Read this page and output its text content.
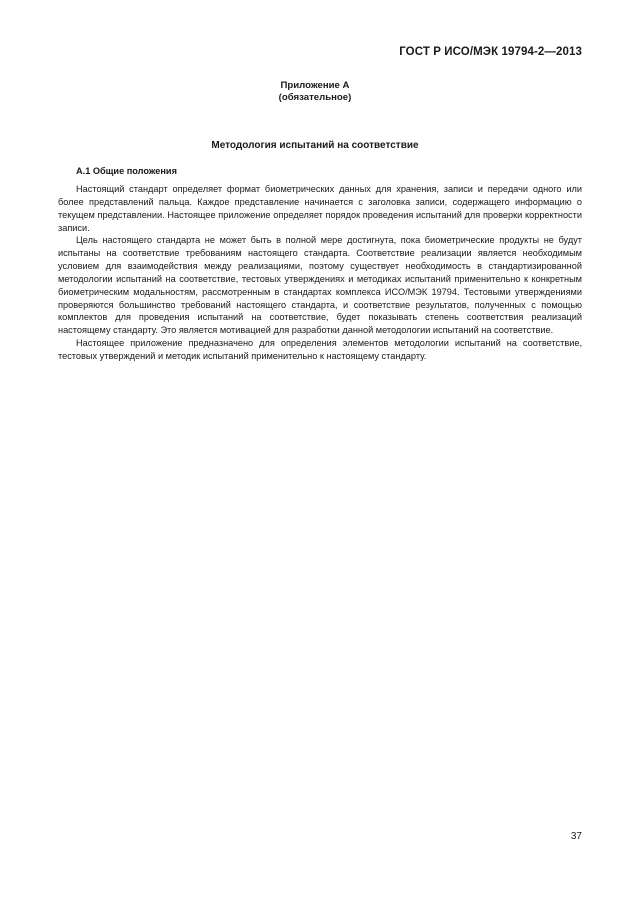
ГОСТ Р ИСО/МЭК 19794-2—2013
Приложение А
(обязательное)
Методология испытаний на соответствие
А.1 Общие положения

Настоящий стандарт определяет формат биометрических данных для хранения, записи и передачи одного или более представлений пальца. Каждое представление начинается с заголовка записи, содержащего информацию о текущем представлении. Настоящее приложение определяет порядок проведения испытаний для проверки корректности записи.

Цель настоящего стандарта не может быть в полной мере достигнута, пока биометрические продукты не будут испытаны на соответствие требованиям настоящего стандарта. Соответствие реализации является необходимым условием для взаимодействия между реализациями, поэтому существует необходимость в стандартизированной методологии испытаний на соответствие, тестовых утверждениях и методиках испытаний применительно к конкретным биометрическим модальностям, рассмотренным в стандартах комплекса ИСО/МЭК 19794. Тестовыми утверждениями проверяются большинство требований настоящего стандарта, и соответствие результатов, полученных с помощью комплектов для проведения испытаний на соответствие, будет показывать степень соответствия реализаций настоящему стандарту. Это является мотивацией для разработки данной методологии испытаний на соответствие.

Настоящее приложение предназначено для определения элементов методологии испытаний на соответствие, тестовых утверждений и методик испытаний применительно к настоящему стандарту.

37
